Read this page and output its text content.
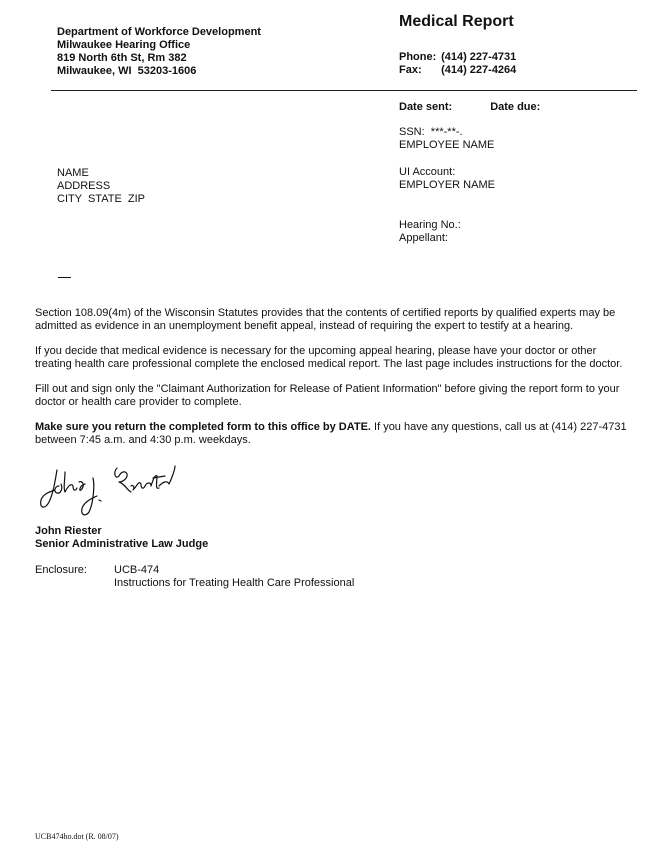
Department of Workforce Development
Milwaukee Hearing Office
819 North 6th St, Rm 382
Milwaukee, WI  53203-1606
Medical Report
Phone: (414) 227-4731
Fax: (414) 227-4264
Date sent:	Date due:
SSN:  ***-**-.
EMPLOYEE NAME
UI Account:
EMPLOYER NAME
Hearing No.:
Appellant:
NAME
ADDRESS
CITY  STATE  ZIP
Section 108.09(4m) of the Wisconsin Statutes provides that the contents of certified reports by qualified experts may be admitted as evidence in an unemployment benefit appeal, instead of requiring the expert to testify at a hearing.
If you decide that medical evidence is necessary for the upcoming appeal hearing, please have your doctor or other treating health care professional complete the enclosed medical report. The last page includes instructions for the doctor.
Fill out and sign only the "Claimant Authorization for Release of Patient Information" before giving the report form to your doctor or health care provider to complete.
Make sure you return the completed form to this office by DATE. If you have any questions, call us at (414) 227-4731 between 7:45 a.m. and 4:30 p.m. weekdays.
John Riester
Senior Administrative Law Judge
Enclosure: UCB-474
Instructions for Treating Health Care Professional
UCB474ho.dot (R. 08/07)
